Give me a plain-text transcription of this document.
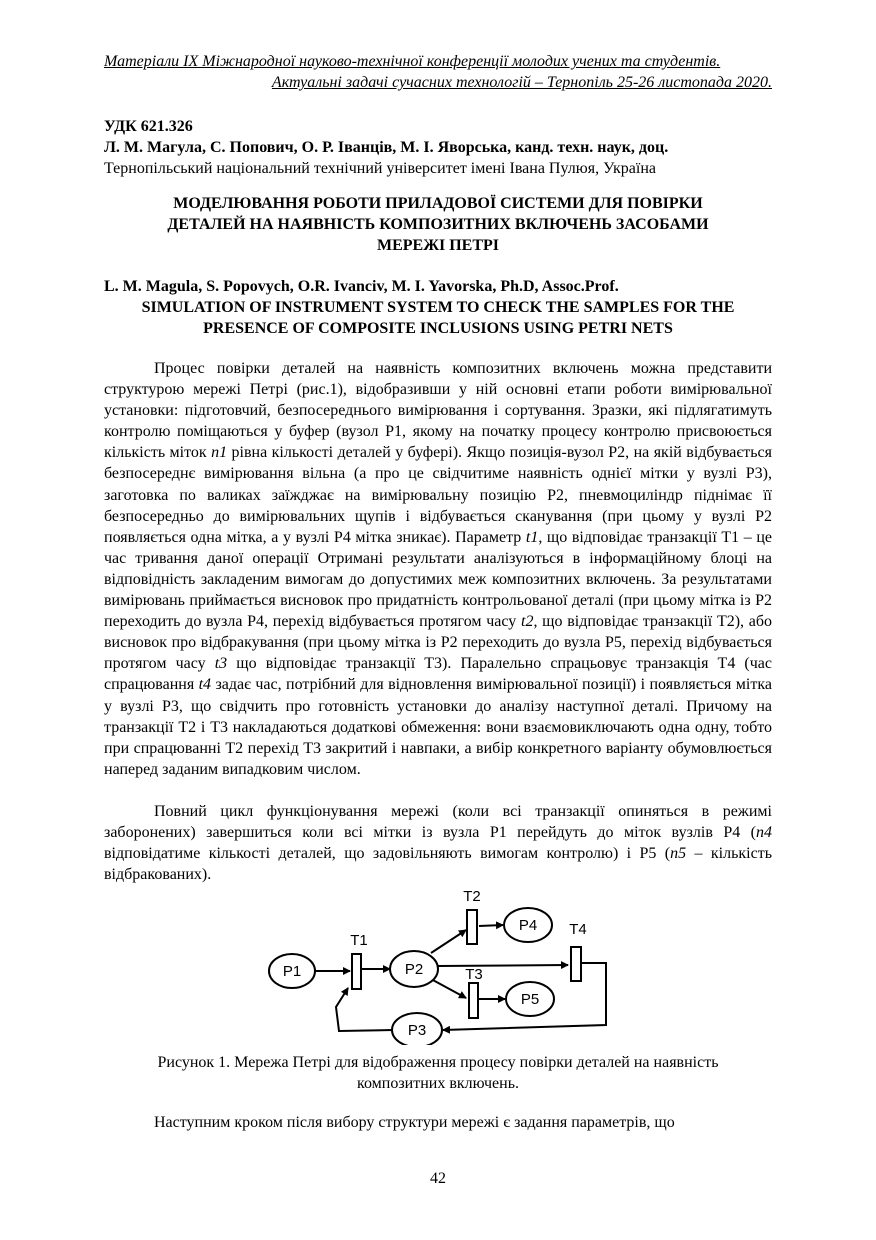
Матеріали IX Міжнародної науково-технічної конференції молодих учених та студентів.
Актуальні задачі сучасних технологій – Тернопіль 25-26 листопада 2020.
УДК 621.326
Л. М. Магула, С. Попович, О. Р. Іванців, М. І. Яворська, канд. техн. наук, доц.
Тернопільський національний технічний університет імені Івана Пулюя, Україна
МОДЕЛЮВАННЯ РОБОТИ ПРИЛАДОВОЇ СИСТЕМИ ДЛЯ ПОВІРКИ
ДЕТАЛЕЙ НА НАЯВНІСТЬ КОМПОЗИТНИХ ВКЛЮЧЕНЬ ЗАСОБАМИ
МЕРЕЖІ ПЕТРІ
L. M. Magula, S. Popovych, O.R. Ivanciv, M. I. Yavorska, Ph.D, Assoc.Prof.
SIMULATION OF INSTRUMENT SYSTEM TO CHECK THE SAMPLES FOR THE
PRESENCE OF COMPOSITE INCLUSIONS USING PETRI NETS
Процес повірки деталей на наявність композитних включень можна представити структурою мережі Петрі (рис.1), відобразивши у ній основні етапи роботи вимірювальної установки: підготовчий, безпосереднього вимірювання і сортування. Зразки, які підлягатимуть контролю поміщаються у буфер (вузол Р1, якому на початку процесу контролю присвоюється кількість міток n1 рівна кількості деталей у буфері). Якщо позиція-вузол Р2, на якій відбувається безпосереднє вимірювання вільна (а про це свідчитиме наявність однієї мітки у вузлі Р3), заготовка по валиках заїжджає на вимірювальну позицію Р2, пневмоциліндр піднімає її безпосередньо до вимірювальних щупів і відбувається сканування (при цьому у вузлі Р2 появляється одна мітка, а у вузлі Р4 мітка зникає). Параметр t1, що відповідає транзакції Т1 – це час тривання даної операції Отримані результати аналізуються в інформаційному блоці на відповідність закладеним вимогам до допустимих меж композитних включень. За результатами вимірювань приймається висновок про придатність контрольованої деталі (при цьому мітка із Р2 переходить до вузла Р4, перехід відбувається протягом часу t2, що відповідає транзакції Т2), або висновок про відбракування (при цьому мітка із Р2 переходить до вузла Р5, перехід відбувається протягом часу t3 що відповідає транзакції Т3). Паралельно спрацьовує транзакція Т4 (час спрацювання t4 задає час, потрібний для відновлення вимірювальної позиції) і появляється мітка у вузлі Р3, що свідчить про готовність установки до аналізу наступної деталі. Причому на транзакції Т2 і Т3 накладаються додаткові обмеження: вони взаємовиключають одна одну, тобто при спрацюванні Т2 перехід Т3 закритий і навпаки, а вибір конкретного варіанту обумовлюється наперед заданим випадковим числом.
Повний цикл функціонування мережі (коли всі транзакції опиняться в режимі заборонених) завершиться коли всі мітки із вузла Р1 перейдуть до міток вузлів Р4 (n4 відповідатиме кількості деталей, що задовільняють вимогам контролю) і Р5 (n5 – кількість відбракованих).
P1	P2
P3
P4
P5
T1
T2
T3
T4
Рисунок 1. Мережа Петрі для відображення процесу повірки деталей на наявність
композитних включень.
Наступним кроком після вибору структури мережі є задання параметрів, що
42
